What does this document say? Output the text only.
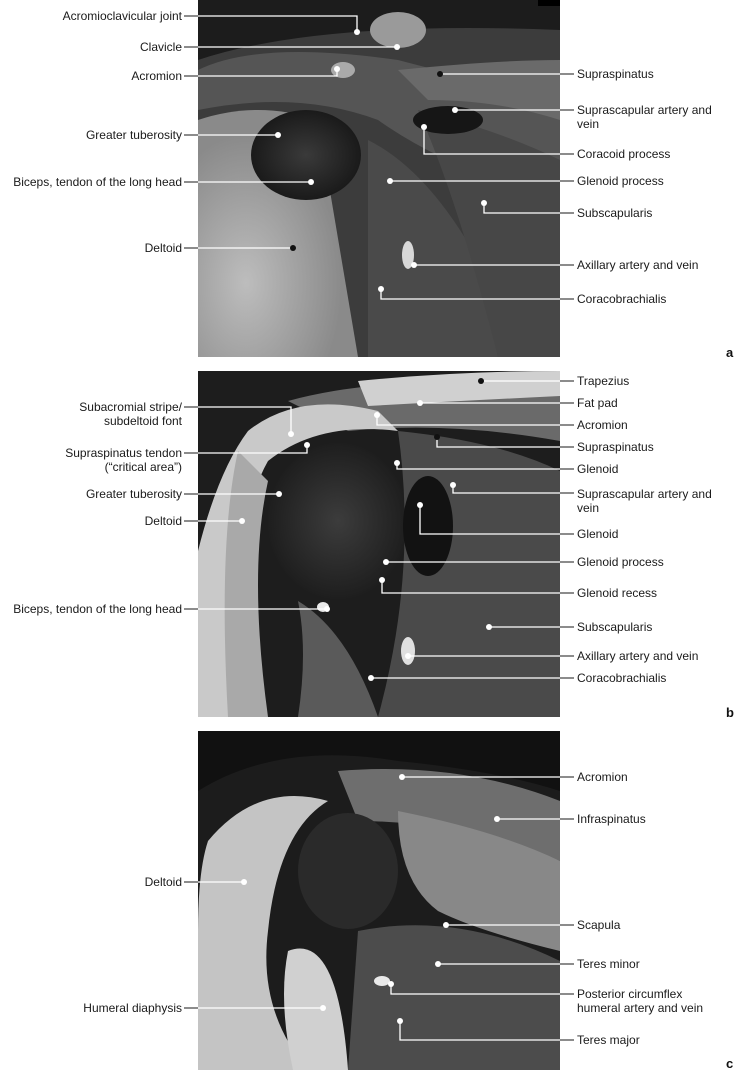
Acromioclavicular joint
Clavicle
Acromion
Greater tuberosity
Biceps, tendon of the long head
Deltoid
Supraspinatus
Suprascapular artery and vein
Coracoid process
Glenoid process
Subscapularis
Axillary artery and vein
Coracobrachialis
a
Subacromial stripe/ subdeltoid font
Supraspinatus tendon (“critical area”)
Greater tuberosity
Deltoid
Biceps, tendon of the long head
Trapezius
Fat pad
Acromion
Supraspinatus
Glenoid
Suprascapular artery and vein
Glenoid
Glenoid process
Glenoid recess
Subscapularis
Axillary artery and vein
Coracobrachialis
b
Deltoid
Humeral diaphysis
Acromion
Infraspinatus
Scapula
Teres minor
Posterior circumflex humeral artery and vein
Teres major
c
